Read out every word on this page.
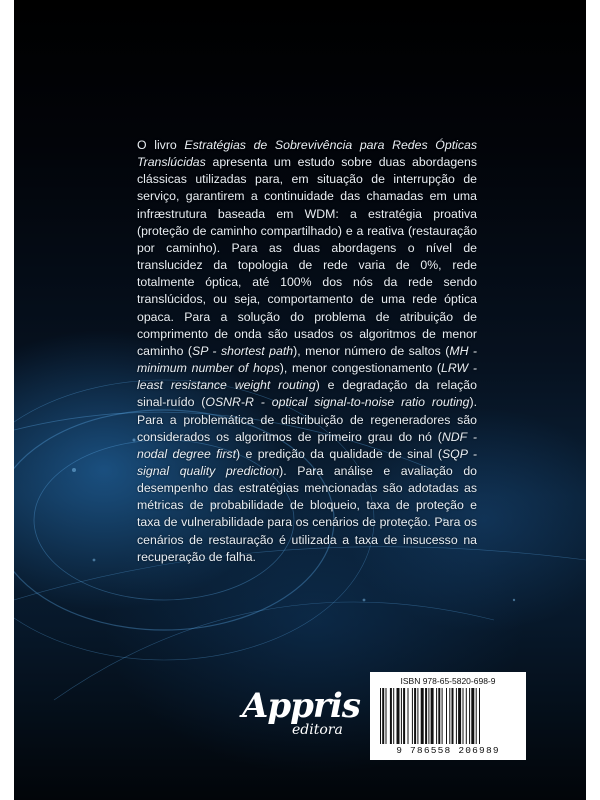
O livro Estratégias de Sobrevivência para Redes Ópticas Translúcidas apresenta um estudo sobre duas abordagens clássicas utilizadas para, em situação de interrupção de serviço, garantirem a continuidade das chamadas em uma infræstrutura baseada em WDM: a estratégia proativa (proteção de caminho compartilhado) e a reativa (restauração por caminho). Para as duas abordagens o nível de translucidez da topologia de rede varia de 0%, rede totalmente óptica, até 100% dos nós da rede sendo translúcidos, ou seja, comportamento de uma rede óptica opaca. Para a solução do problema de atribuição de comprimento de onda são usados os algoritmos de menor caminho (SP - shortest path), menor número de saltos (MH - minimum number of hops), menor congestionamento (LRW - least resistance weight routing) e degradação da relação sinal-ruído (OSNR-R - optical signal-to-noise ratio routing). Para a problemática de distribuição de regeneradores são considerados os algoritmos de primeiro grau do nó (NDF - nodal degree first) e predição da qualidade de sinal (SQP - signal quality prediction). Para análise e avaliação do desempenho das estratégias mencionadas são adotadas as métricas de probabilidade de bloqueio, taxa de proteção e taxa de vulnerabilidade para os cenários de proteção. Para os cenários de restauração é utilizada a taxa de insucesso na recuperação de falha.

Appris
editora
ISBN 978-65-5820-698-9
9 786558 206989
